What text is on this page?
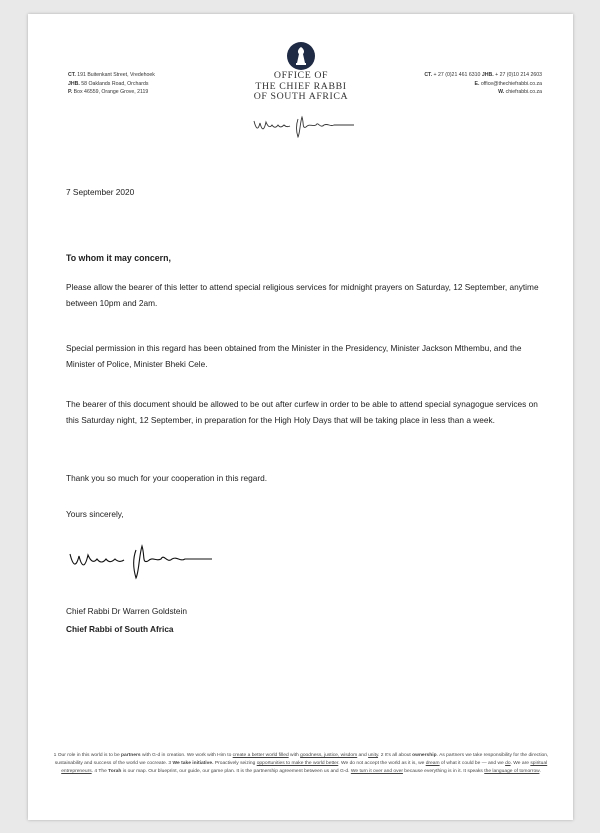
CT. 191 Buitenkant Street, Vredehoek
JHB. 58 Oaklands Road, Orchards
P. Box 46559, Orange Grove, 2119
OFFICE OF
THE CHIEF RABBI
OF SOUTH AFRICA
CT. + 27 (0)21 461 6310 JHB. + 27 (0)10 214 2603
E. office@thechiefrabbi.co.za
W. chiefrabbi.co.za
7 September 2020
To whom it may concern,
Please allow the bearer of this letter to attend special religious services for midnight prayers on Saturday, 12 September, anytime between 10pm and 2am.
Special permission in this regard has been obtained from the Minister in the Presidency, Minister Jackson Mthembu, and the Minister of Police, Minister Bheki Cele.
The bearer of this document should be allowed to be out after curfew in order to be able to attend special synagogue services on this Saturday night, 12 September, in preparation for the High Holy Days that will be taking place in less than a week.
Thank you so much for your cooperation in this regard.
Yours sincerely,
Chief Rabbi Dr Warren Goldstein
Chief Rabbi of South Africa
1 Our role in this world is to be partners with G-d in creation. We work with Him to create a better world filled with goodness, justice, wisdom and unity. 2 It's all about ownership. As partners we take responsibility for the direction, sustainability and success of the world we cocreate. 3 We take initiative. Proactively seizing opportunities to make the world better. We do not accept the world as it is, we dream of what it could be — and we do. We are spiritual entrepreneurs. 4 The Torah is our map. Our blueprint, our guide, our game plan. It is the partnership agreement between us and G-d. We turn it over and over because everything is in it. It speaks the language of tomorrow.
